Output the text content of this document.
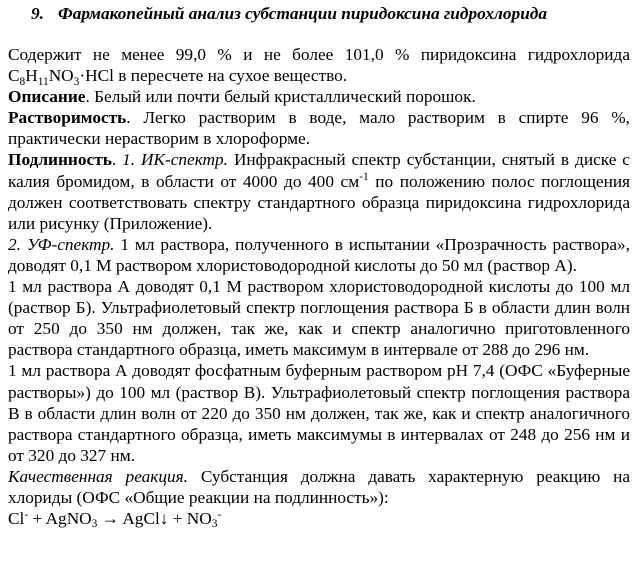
9. Фармакопейный анализ субстанции пиридоксина гидрохлорида

Содержит не менее 99,0 % и не более 101,0 % пиридоксина гидрохлорида $C_8H_{11}NO_3\cdot HCl$ в пересчете на сухое вещество.

Описание. Белый или почти белый кристаллический порошок.

Растворимость. Легко растворим в воде, мало растворим в спирте 96 %, практически нерастворим в хлороформе.

Подлинность. 1. ИК-спектр. Инфракрасный спектр субстанции, снятый в диске с калия бромидом, в области от 4000 до 400 $см^{-1}$ по положению полос поглощения должен соответствовать спектру стандартного образца пиридоксина гидрохлорида или рисунку (Приложение).

2. УФ-спектр. 1 мл раствора, полученного в испытании «Прозрачность раствора», доводят 0,1 М раствором хлористоводородной кислоты до 50 мл (раствор А).

1 мл раствора А доводят 0,1 М раствором хлористоводородной кислоты до 100 мл (раствор Б). Ультрафиолетовый спектр поглощения раствора Б в области длин волн от 250 до 350 нм должен, так же, как и спектр аналогично приготовленного раствора стандартного образца, иметь максимум в интервале от 288 до 296 нм.

1 мл раствора А доводят фосфатным буферным раствором pH 7,4 (ОФС «Буферные растворы») до 100 мл (раствор В). Ультрафиолетовый спектр поглощения раствора В в области длин волн от 220 до 350 нм должен, так же, как и спектр аналогичного раствора стандартного образца, иметь максимумы в интервалах от 248 до 256 нм и от 320 до 327 нм.

Качественная реакция. Субстанция должна давать характерную реакцию на хлориды (ОФС «Общие реакции на подлинность»):

Cl- + AgNO$_3$ → AgCl↓ + $NO_3^-$
